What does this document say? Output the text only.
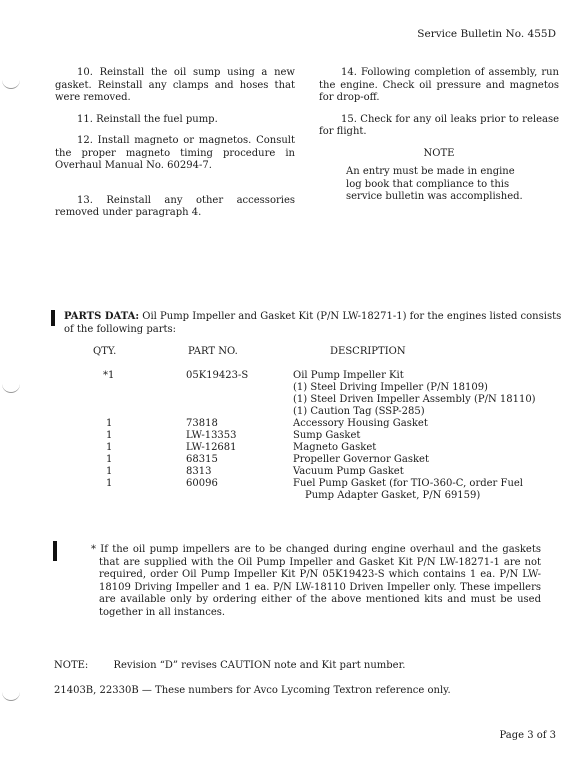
Service Bulletin No. 455D

10. Reinstall the oil sump using a new gasket. Reinstall any clamps and hoses that were removed.

11. Reinstall the fuel pump.

12. Install magneto or magnetos. Consult the proper magneto timing procedure in Overhaul Manual No. 60294-7.

13. Reinstall any other accessories removed under paragraph 4.

14. Following completion of assembly, run the engine. Check oil pressure and magnetos for drop-off.

15. Check for any oil leaks prior to release for flight.

NOTE
An entry must be made in engine log book that compliance to this service bulletin was accomplished.
PARTS DATA: Oil Pump Impeller and Gasket Kit (P/N LW-18271-1) for the engines listed consists of the following parts:
QTY.	PART NO.	DESCRIPTION
*1	05K19423-S	Oil Pump Impeller Kit
(1) Steel Driving Impeller (P/N 18109)
(1) Steel Driven Impeller Assembly (P/N 18110)
(1) Caution Tag (SSP-285)
1	73818	Accessory Housing Gasket
1	LW-13353	Sump Gasket
1	LW-12681	Magneto Gasket
1	68315	Propeller Governor Gasket
1	8313	Vacuum Pump Gasket
1	60096	Fuel Pump Gasket (for TIO-360-C, order Fuel
Pump Adapter Gasket, P/N 69159)
* If the oil pump impellers are to be changed during engine overhaul and the gaskets that are supplied with the Oil Pump Impeller and Gasket Kit P/N LW-18271-1 are not required, order Oil Pump Impeller Kit P/N 05K19423-S which contains 1 ea. P/N LW-18109 Driving Impeller and 1 ea. P/N LW-18110 Driven Impeller only. These impellers are available only by ordering either of the above mentioned kits and must be used together in all instances.
NOTE:	Revision “D” revises CAUTION note and Kit part number.
21403B, 22330B — These numbers for Avco Lycoming Textron reference only.
Page 3 of 3
